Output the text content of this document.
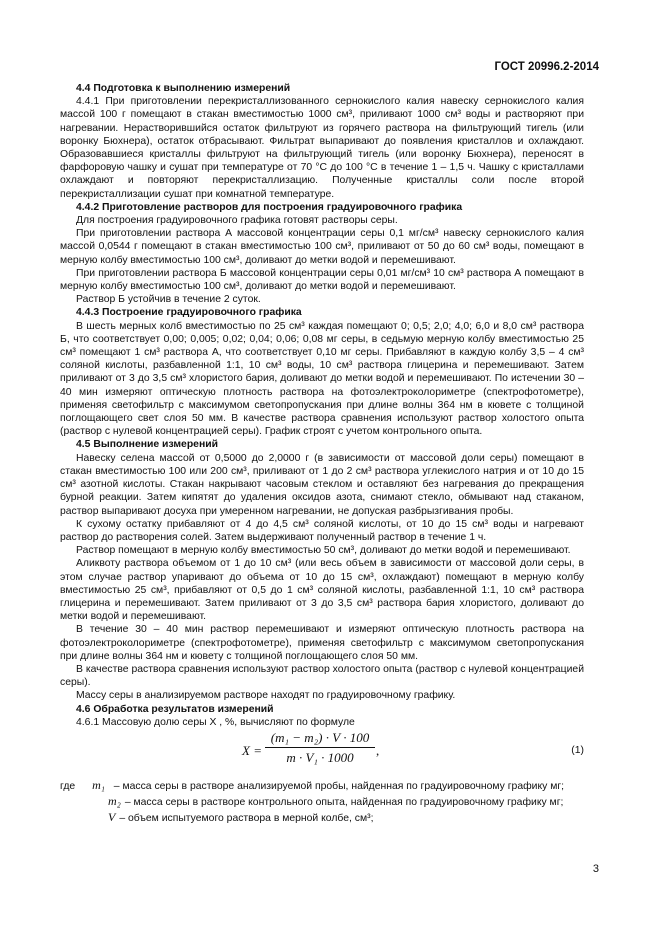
ГОСТ 20996.2-2014
4.4 Подготовка к выполнению измерений

4.4.1 При приготовлении перекристаллизованного сернокислого калия навеску сернокислого калия массой 100 г помещают в стакан вместимостью 1000 см³, приливают 1000 см³ воды и растворяют при нагревании. Нерастворившийся остаток фильтруют из горячего раствора на фильтрующий тигель (или воронку Бюхнера), остаток отбрасывают. Фильтрат выпаривают до появления кристаллов и охлаждают. Образовавшиеся кристаллы фильтруют на фильтрующий тигель (или воронку Бюхнера), переносят в фарфоровую чашку и сушат при температуре от 70 °С до 100 °С в течение 1 – 1,5 ч. Чашку с кристаллами охлаждают и повторяют перекристаллизацию. Полученные кристаллы соли после второй перекристаллизации сушат при комнатной температуре.

4.4.2 Приготовление растворов для построения градуировочного графика

Для построения градуировочного графика готовят растворы серы.

При приготовлении раствора А массовой концентрации серы 0,1 мг/см³ навеску сернокислого калия массой 0,0544 г помещают в стакан вместимостью 100 см³, приливают от 50 до 60 см³ воды, помещают в мерную колбу вместимостью 100 см³, доливают до метки водой и перемешивают.

При приготовлении раствора Б массовой концентрации серы 0,01 мг/см³ 10 см³ раствора А помещают в мерную колбу вместимостью 100 см³, доливают до метки водой и перемешивают.

Раствор Б устойчив в течение 2 суток.

4.4.3 Построение градуировочного графика

В шесть мерных колб вместимостью по 25 см³ каждая помещают 0; 0,5; 2,0; 4,0; 6,0 и 8,0 см³ раствора Б, что соответствует 0,00; 0,005; 0,02; 0,04; 0,06; 0,08 мг серы, в седьмую мерную колбу вместимостью 25 см³ помещают 1 см³ раствора А, что соответствует 0,10 мг серы. Прибавляют в каждую колбу 3,5 – 4 см³ соляной кислоты, разбавленной 1:1, 10 см³ воды, 10 см³ раствора глицерина и перемешивают. Затем приливают от 3 до 3,5 см³ хлористого бария, доливают до метки водой и перемешивают. По истечении 30 – 40 мин измеряют оптическую плотность раствора на фотоэлектроколориметре (спектрофотометре), применяя светофильтр с максимумом светопропускания при длине волны 364 нм в кювете с толщиной поглощающего свет слоя 50 мм. В качестве раствора сравнения используют раствор холостого опыта (раствор с нулевой концентрацией серы). График строят с учетом контрольного опыта.

4.5 Выполнение измерений

Навеску селена массой от 0,5000 до 2,0000 г (в зависимости от массовой доли серы) помещают в стакан вместимостью 100 или 200 см³, приливают от 1 до 2 см³ раствора углекислого натрия и от 10 до 15 см³ азотной кислоты. Стакан накрывают часовым стеклом и оставляют без нагревания до прекращения бурной реакции. Затем кипятят до удаления оксидов азота, снимают стекло, обмывают над стаканом, раствор выпаривают досуха при умеренном нагревании, не допуская разбрызгивания пробы.

К сухому остатку прибавляют от 4 до 4,5 см³ соляной кислоты, от 10 до 15 см³ воды и нагревают раствор до растворения солей. Затем выдерживают полученный раствор в течение 1 ч.

Раствор помещают в мерную колбу вместимостью 50 см³, доливают до метки водой и перемешивают.

Аликвоту раствора объемом от 1 до 10 см³ (или весь объем в зависимости от массовой доли серы, в этом случае раствор упаривают до объема от 10 до 15 см³, охлаждают) помещают в мерную колбу вместимостью 25 см³, прибавляют от 0,5 до 1 см³ соляной кислоты, разбавленной 1:1, 10 см³ раствора глицерина и перемешивают. Затем приливают от 3 до 3,5 см³ раствора бария хлористого, доливают до метки водой и перемешивают.

В течение 30 – 40 мин раствор перемешивают и измеряют оптическую плотность раствора на фотоэлектроколориметре (спектрофотометре), применяя светофильтр с максимумом светопропускания при длине волны 364 нм и кювету с толщиной поглощающего слоя 50 мм.

В качестве раствора сравнения используют раствор холостого опыта (раствор с нулевой концентрацией серы).

Массу серы в анализируемом растворе находят по градуировочному графику.

4.6 Обработка результатов измерений

4.6.1 Массовую долю серы X , %, вычисляют по формуле

$X = \frac{\text{(m₁ − m₂) · V · 100}}{\text{m · V₁ · 1000}}$ ,	(1)

где m₁ – масса серы в растворе анализируемой пробы, найденная по градуировочному графику мг;

m₂ – масса серы в растворе контрольного опыта, найденная по градуировочному графику мг;
V – объем испытуемого раствора в мерной колбе, см³;
3
